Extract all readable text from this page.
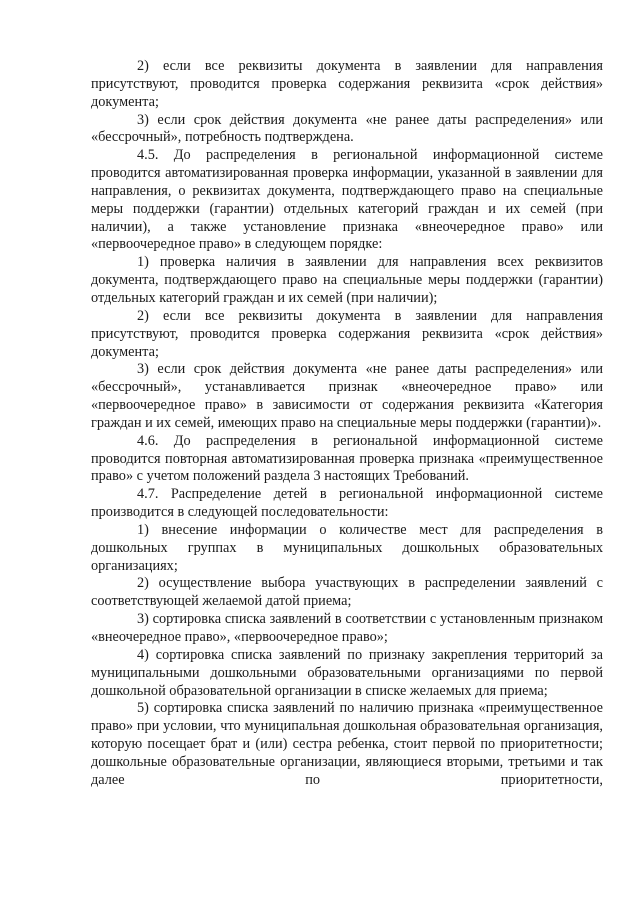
2) если все реквизиты документа в заявлении для направления присутствуют, проводится проверка содержания реквизита «срок действия» документа;

3) если срок действия документа «не ранее даты распределения» или «бессрочный», потребность подтверждена.

4.5. До распределения в региональной информационной системе проводится автоматизированная проверка информации, указанной в заявлении для направления, о реквизитах документа, подтверждающего право на специальные меры поддержки (гарантии) отдельных категорий граждан и их семей (при наличии), а также установление признака «внеочередное право» или «первоочередное право» в следующем порядке:

1) проверка наличия в заявлении для направления всех реквизитов документа, подтверждающего право на специальные меры поддержки (гарантии) отдельных категорий граждан и их семей (при наличии);

2) если все реквизиты документа в заявлении для направления присутствуют, проводится проверка содержания реквизита «срок действия» документа;

3) если срок действия документа «не ранее даты распределения» или «бессрочный», устанавливается признак «внеочередное право» или «первоочередное право» в зависимости от содержания реквизита «Категория граждан и их семей, имеющих право на специальные меры поддержки (гарантии)».

4.6. До распределения в региональной информационной системе проводится повторная автоматизированная проверка признака «преимущественное право» с учетом положений раздела 3 настоящих Требований.

4.7. Распределение детей в региональной информационной системе производится в следующей последовательности:

1) внесение информации о количестве мест для распределения в дошкольных группах в муниципальных дошкольных образовательных организациях;

2) осуществление выбора участвующих в распределении заявлений с соответствующей желаемой датой приема;

3) сортировка списка заявлений в соответствии с установленным признаком «внеочередное право», «первоочередное право»;

4) сортировка списка заявлений по признаку закрепления территорий за муниципальными дошкольными образовательными организациями по первой дошкольной образовательной организации в списке желаемых для приема;

5) сортировка списка заявлений по наличию признака «преимущественное право» при условии, что муниципальная дошкольная образовательная организация, которую посещает брат и (или) сестра ребенка, стоит первой по приоритетности; дошкольные образовательные организации, являющиеся вторыми, третьими и так далее по приоритетности,
